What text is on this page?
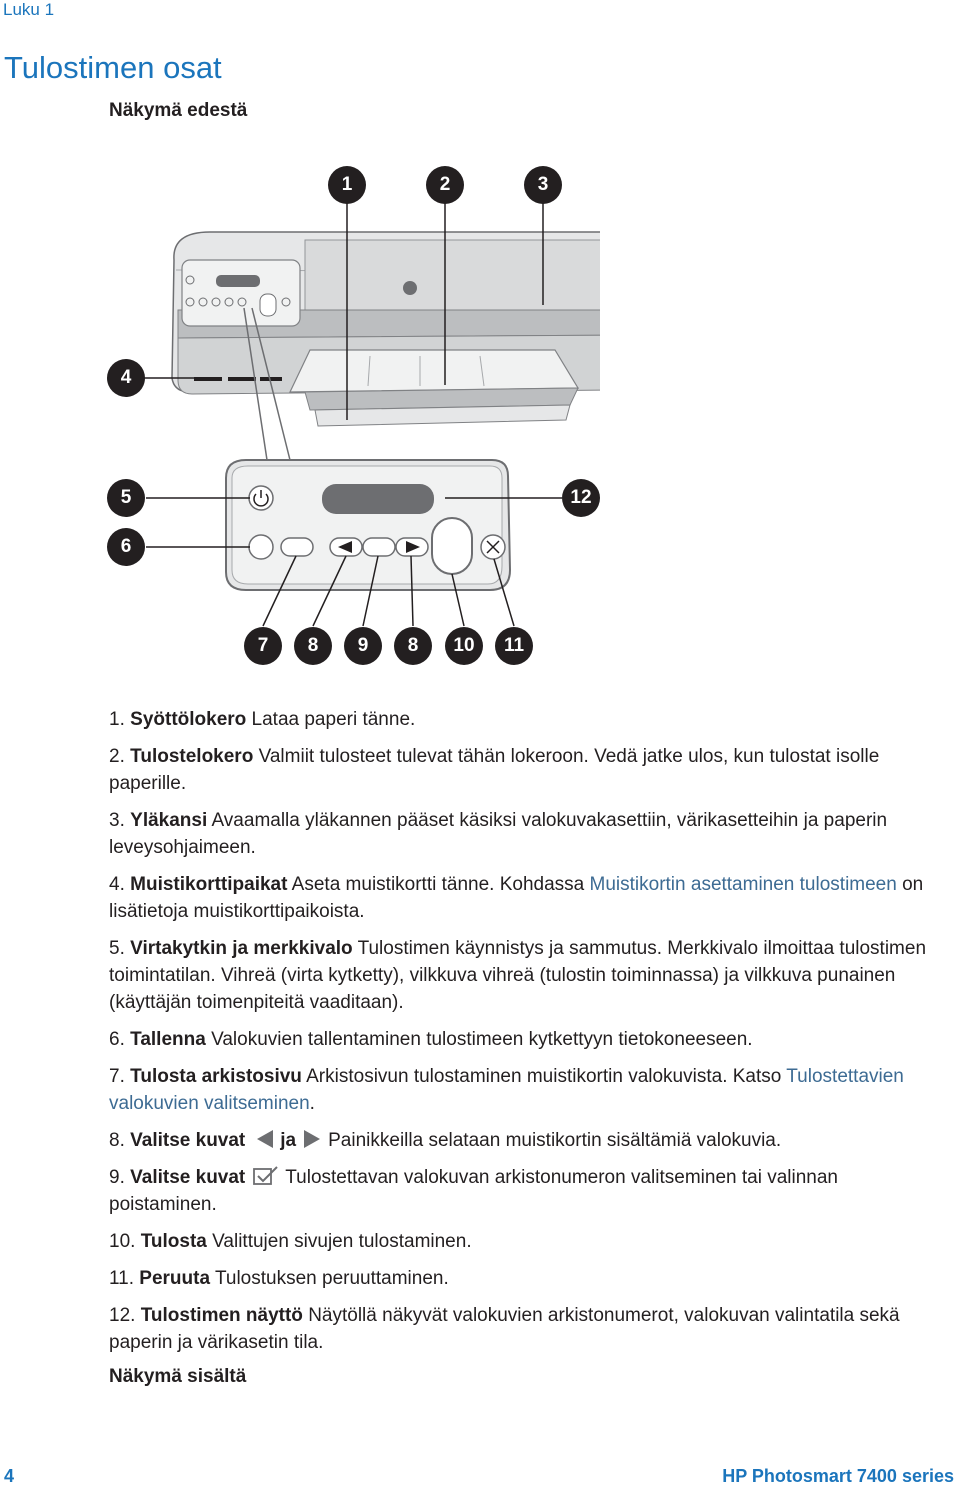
Luku 1
Tulostimen osat
Näkymä edestä
1	2	3
4
5	12
6
7	8	9	8	10	11
1. Syöttölokero Lataa paperi tänne.
2. Tulostelokero Valmiit tulosteet tulevat tähän lokeroon. Vedä jatke ulos, kun tulostat isolle paperille.
3. Yläkansi Avaamalla yläkannen pääset käsiksi valokuvakasettiin, värikasetteihin ja paperin leveysohjaimeen.
4. Muistikorttipaikat Aseta muistikortti tänne. Kohdassa Muistikortin asettaminen tulostimeen on lisätietoja muistikorttipaikoista.
5. Virtakytkin ja merkkivalo Tulostimen käynnistys ja sammutus. Merkkivalo ilmoittaa tulostimen toimintatilan. Vihreä (virta kytketty), vilkkuva vihreä (tulostin toiminnassa) ja vilkkuva punainen (käyttäjän toimenpiteitä vaaditaan).
6. Tallenna Valokuvien tallentaminen tulostimeen kytkettyyn tietokoneeseen.
7. Tulosta arkistosivu Arkistosivun tulostaminen muistikortin valokuvista. Katso Tulostettavien valokuvien valitseminen.
8. Valitse kuvat ja Painikkeilla selataan muistikortin sisältämiä valokuvia.
9. Valitse kuvat Tulostettavan valokuvan arkistonumeron valitseminen tai valinnan poistaminen.
10. Tulosta Valittujen sivujen tulostaminen.
11. Peruuta Tulostuksen peruuttaminen.
12. Tulostimen näyttö Näytöllä näkyvät valokuvien arkistonumerot, valokuvan valintatila sekä paperin ja värikasetin tila.
Näkymä sisältä
4	HP Photosmart 7400 series
